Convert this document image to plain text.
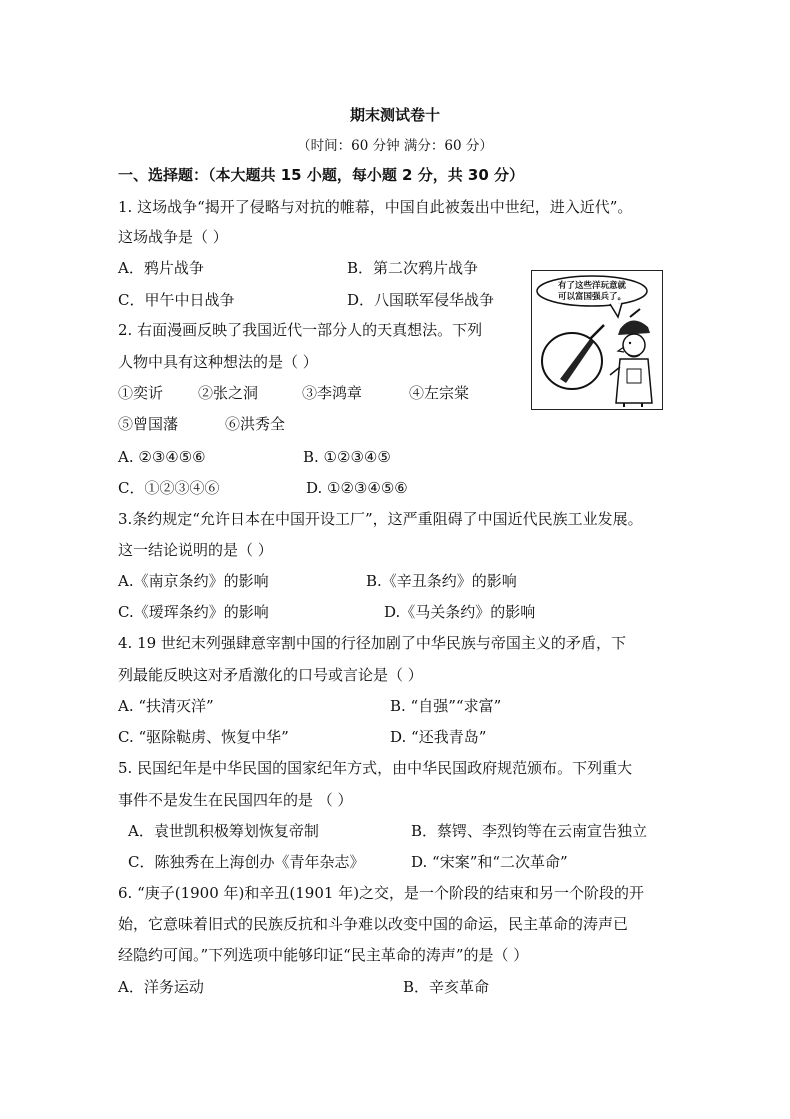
期末测试卷十
（时间：60 分钟 满分：60 分）
一、选择题：（本大题共 15 小题，每小题 2 分，共 30 分）
1. 这场战争“揭开了侵略与对抗的帷幕，中国自此被轰出中世纪，进入近代”。
这场战争是（ ）
A．鸦片战争	B．第二次鸦片战争
C．甲午中日战争	D．八国联军侵华战争
2. 右面漫画反映了我国近代一部分人的天真想法。下列
人物中具有这种想法的是（ ）
①奕䜣 ②张之洞	③李鸿章	④左宗棠
⑤曾国藩	⑥洪秀全
A. ②③④⑤⑥	B. ①②③④⑤
C．①②③④⑥	D. ①②③④⑤⑥
有了这些洋玩意就
可以富国强兵了。
3.条约规定“允许日本在中国开设工厂”，这严重阻碍了中国近代民族工业发展。
这一结论说明的是（ ）
A.《南京条约》的影响	B.《辛丑条约》的影响
C.《瑷珲条约》的影响	D.《马关条约》的影响
4. 19 世纪末列强肆意宰割中国的行径加剧了中华民族与帝国主义的矛盾，下
列最能反映这对矛盾激化的口号或言论是（ ）
A. “扶清灭洋”	B. “自强”“求富”
C. “驱除鞑虏、恢复中华”	D. “还我青岛”
5. 民国纪年是中华民国的国家纪年方式，由中华民国政府规范颁布。下列重大
事件不是发生在民国四年的是 （ ）
A．袁世凯积极筹划恢复帝制	B．蔡锷、李烈钧等在云南宣告独立
C．陈独秀在上海创办《青年杂志》	D. “宋案”和“二次革命”
6. “庚子(1900 年)和辛丑(1901 年)之交，是一个阶段的结束和另一个阶段的开
始，它意味着旧式的民族反抗和斗争难以改变中国的命运，民主革命的涛声已
经隐约可闻。”下列选项中能够印证“民主革命的涛声”的是（ ）
A．洋务运动	B．辛亥革命
